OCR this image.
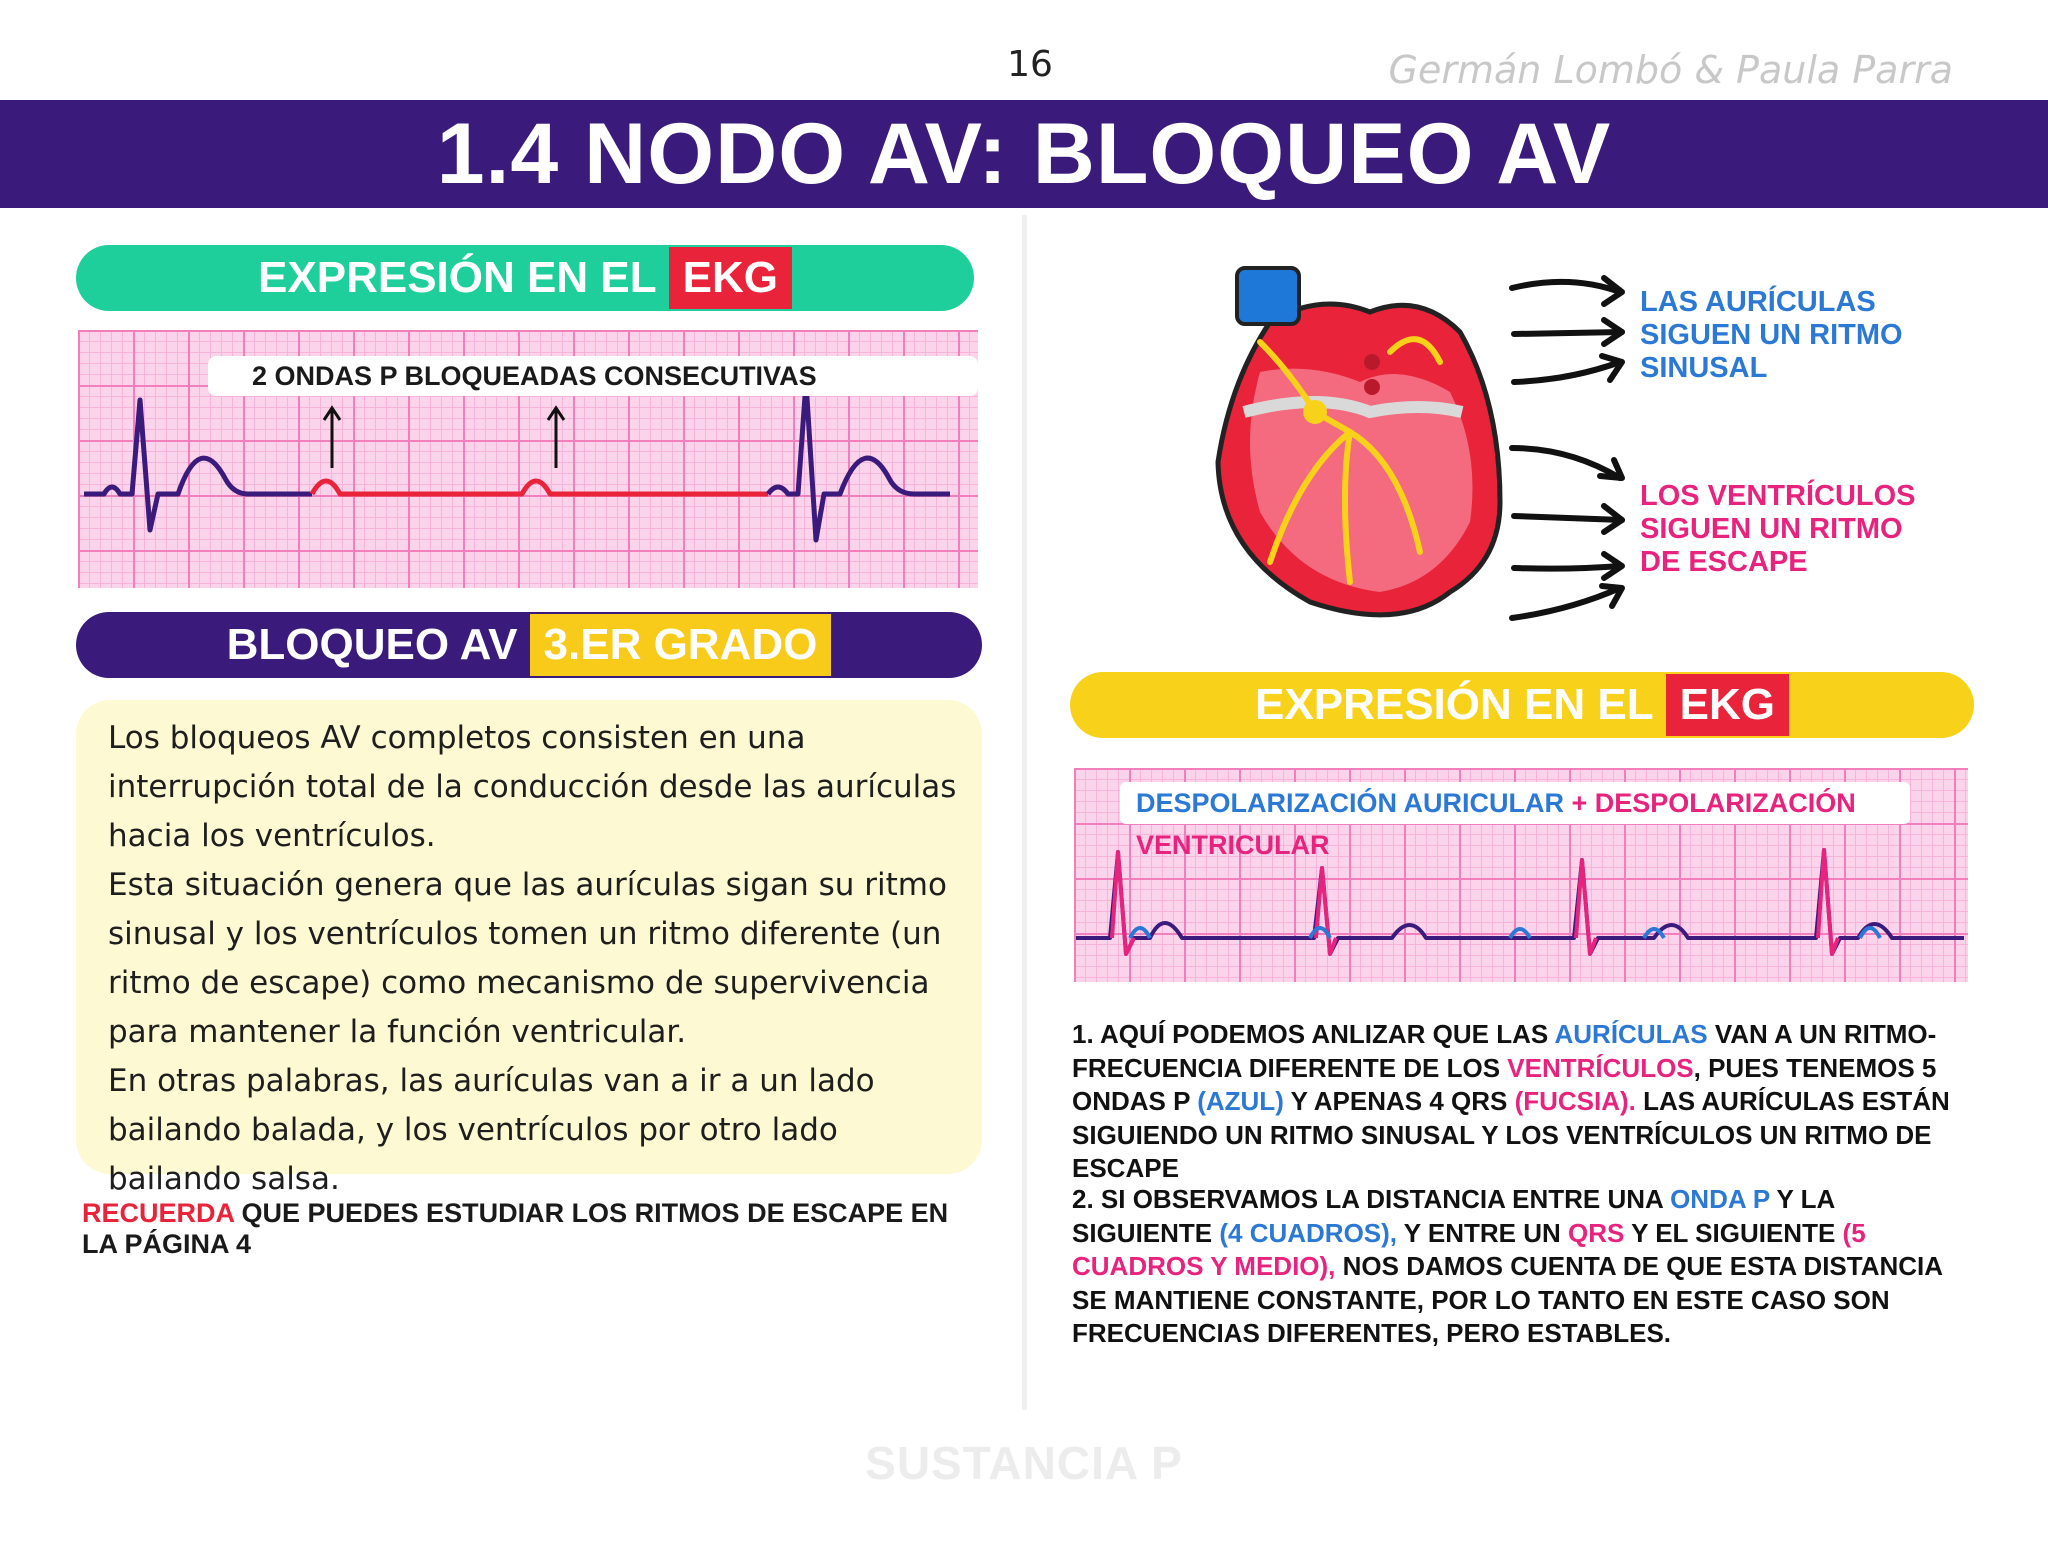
16	Germán Lombó & Paula Parra
1.4 NODO AV: BLOQUEO AV
EXPRESIÓN EN EL EKG
2 ONDAS P BLOQUEADAS CONSECUTIVAS
BLOQUEO AV 3.ER GRADO

Los bloqueos AV completos consisten en una interrupción total de la conducción desde las aurículas hacia los ventrículos.
Esta situación genera que las aurículas sigan su ritmo sinusal y los ventrículos tomen un ritmo diferente (un ritmo de escape) como mecanismo de supervivencia para mantener la función ventricular.
En otras palabras, las aurículas van a ir a un lado bailando balada, y los ventrículos por otro lado bailando salsa.

RECUERDA QUE PUEDES ESTUDIAR LOS RITMOS DE ESCAPE EN LA PÁGINA 4
LAS AURÍCULAS
SIGUEN UN RITMO
SINUSAL
LOS VENTRÍCULOS
SIGUEN UN RITMO
DE ESCAPE
EXPRESIÓN EN EL EKG
DESPOLARIZACIÓN AURICULAR + DESPOLARIZACIÓN VENTRICULAR
1. AQUÍ PODEMOS ANLIZAR QUE LAS AURÍCULAS VAN A UN RITMO-FRECUENCIA DIFERENTE DE LOS VENTRÍCULOS, PUES TENEMOS 5 ONDAS P (AZUL) Y APENAS 4 QRS (FUCSIA). LAS AURÍCULAS ESTÁN SIGUIENDO UN RITMO SINUSAL Y LOS VENTRÍCULOS UN RITMO DE ESCAPE
2. SI OBSERVAMOS LA DISTANCIA ENTRE UNA ONDA P Y LA SIGUIENTE (4 CUADROS), Y ENTRE UN QRS Y EL SIGUIENTE (5 CUADROS Y MEDIO), NOS DAMOS CUENTA DE QUE ESTA DISTANCIA SE MANTIENE CONSTANTE, POR LO TANTO EN ESTE CASO SON FRECUENCIAS DIFERENTES, PERO ESTABLES.
SUSTANCIA P
